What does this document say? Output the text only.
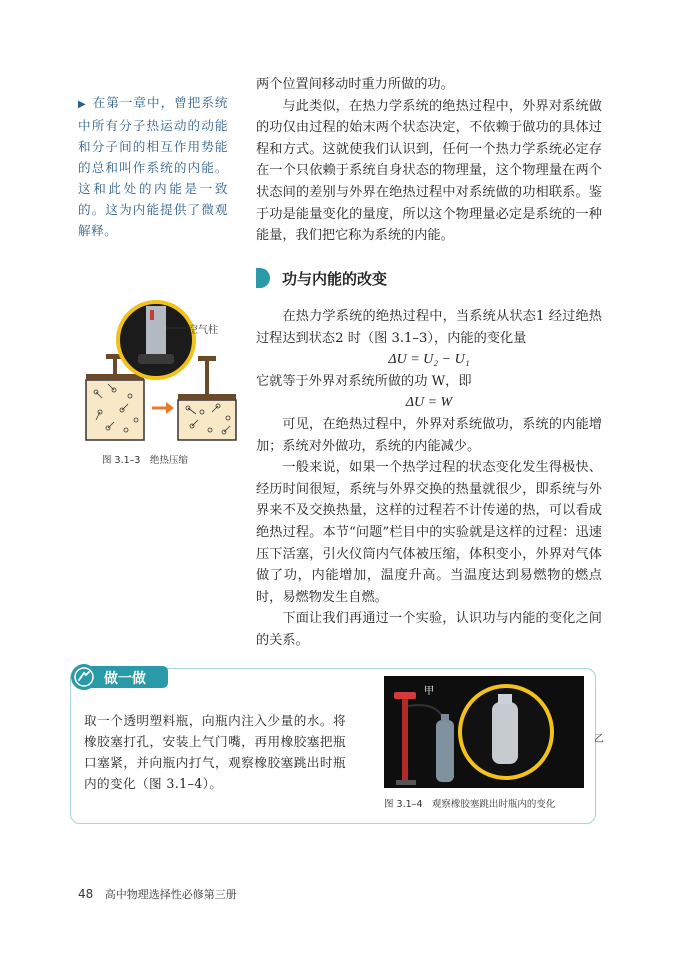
▶ 在第一章中，曾把系统中所有分子热运动的动能和分子间的相互作用势能的总和叫作系统的内能。这和此处的内能是一致的。这为内能提供了微观解释。

两个位置间移动时重力所做的功。

与此类似，在热力学系统的绝热过程中，外界对系统做的功仅由过程的始末两个状态决定，不依赖于做功的具体过程和方式。这就使我们认识到，任何一个热力学系统必定存在一个只依赖于系统自身状态的物理量，这个物理量在两个状态间的差别与外界在绝热过程中对系统做的功相联系。鉴于功是能量变化的量度，所以这个物理量必定是系统的一种能量，我们把它称为系统的内能。

功与内能的改变

在热力学系统的绝热过程中，当系统从状态1 经过绝热过程达到状态2 时（图 3.1–3），内能的变化量

ΔU = U₂ − U₁

它就等于外界对系统所做的功 W，即

ΔU = W

可见，在绝热过程中，外界对系统做功，系统的内能增加；系统对外做功，系统的内能减少。

一般来说，如果一个热学过程的状态变化发生得极快、经历时间很短，系统与外界交换的热量就很少，即系统与外界来不及交换热量，这样的过程若不计传递的热，可以看成绝热过程。本节“问题”栏目中的实验就是这样的过程：迅速压下活塞，引火仪筒内气体被压缩，体积变小，外界对气体做了功，内能增加，温度升高。当温度达到易燃物的燃点时，易燃物发生自燃。

下面让我们再通过一个实验，认识功与内能的变化之间的关系。

空气柱
图 3.1–3　绝热压缩
做一做
取一个透明塑料瓶，向瓶内注入少量的水。将橡胶塞打孔，安装上气门嘴，再用橡胶塞把瓶口塞紧，并向瓶内打气，观察橡胶塞跳出时瓶内的变化（图 3.1–4）。
甲
乙
图 3.1–4　观察橡胶塞跳出时瓶内的变化
48 高中物理选择性必修第三册
